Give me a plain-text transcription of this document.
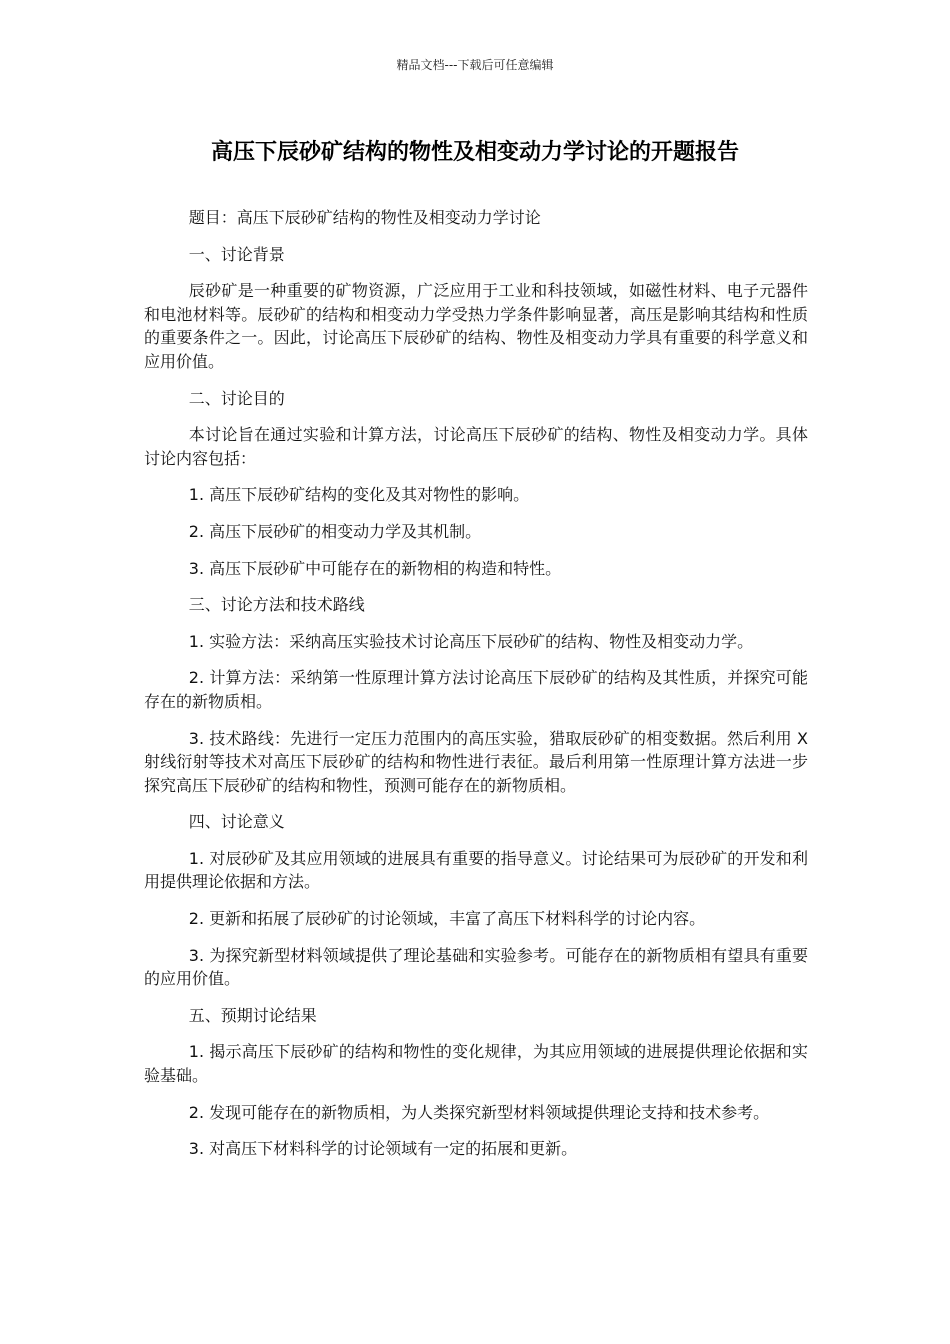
精品文档---下载后可任意编辑
高压下辰砂矿结构的物性及相变动力学讨论的开题报告

题目：高压下辰砂矿结构的物性及相变动力学讨论

一、讨论背景

辰砂矿是一种重要的矿物资源，广泛应用于工业和科技领域，如磁性材料、电子元器件和电池材料等。辰砂矿的结构和相变动力学受热力学条件影响显著，高压是影响其结构和性质的重要条件之一。因此，讨论高压下辰砂矿的结构、物性及相变动力学具有重要的科学意义和应用价值。

二、讨论目的

本讨论旨在通过实验和计算方法，讨论高压下辰砂矿的结构、物性及相变动力学。具体讨论内容包括：

1. 高压下辰砂矿结构的变化及其对物性的影响。

2. 高压下辰砂矿的相变动力学及其机制。

3. 高压下辰砂矿中可能存在的新物相的构造和特性。

三、讨论方法和技术路线

1. 实验方法：采纳高压实验技术讨论高压下辰砂矿的结构、物性及相变动力学。

2. 计算方法：采纳第一性原理计算方法讨论高压下辰砂矿的结构及其性质，并探究可能存在的新物质相。

3. 技术路线：先进行一定压力范围内的高压实验，猎取辰砂矿的相变数据。然后利用 X 射线衍射等技术对高压下辰砂矿的结构和物性进行表征。最后利用第一性原理计算方法进一步探究高压下辰砂矿的结构和物性，预测可能存在的新物质相。

四、讨论意义

1. 对辰砂矿及其应用领域的进展具有重要的指导意义。讨论结果可为辰砂矿的开发和利用提供理论依据和方法。

2. 更新和拓展了辰砂矿的讨论领域，丰富了高压下材料科学的讨论内容。

3. 为探究新型材料领域提供了理论基础和实验参考。可能存在的新物质相有望具有重要的应用价值。

五、预期讨论结果

1. 揭示高压下辰砂矿的结构和物性的变化规律，为其应用领域的进展提供理论依据和实验基础。

2. 发现可能存在的新物质相，为人类探究新型材料领域提供理论支持和技术参考。

3. 对高压下材料科学的讨论领域有一定的拓展和更新。
